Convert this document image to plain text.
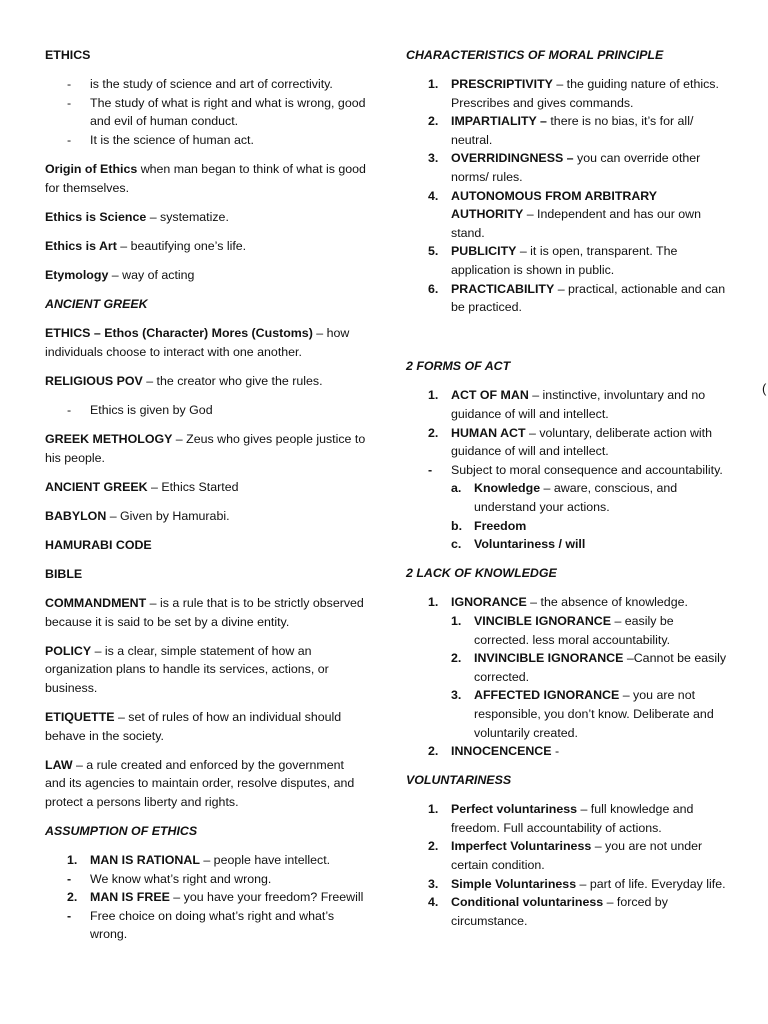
ETHICS
-	is the study of science and art of correctivity.
-	The study of what is right and what is wrong, good and evil of human conduct.
-	It is the science of human act.

Origin of Ethics when man began to think of what is good for themselves.

Ethics is Science – systematize.

Ethics is Art – beautifying one’s life.

Etymology – way of acting

ANCIENT GREEK

ETHICS – Ethos (Character) Mores (Customs) – how individuals choose to interact with one another.

RELIGIOUS POV – the creator who give the rules.

-	Ethics is given by God

GREEK METHOLOGY – Zeus who gives people justice to his people.

ANCIENT GREEK – Ethics Started

BABYLON – Given by Hamurabi.

HAMURABI CODE
BIBLE

COMMANDMENT – is a rule that is to be strictly observed because it is said to be set by a divine entity.

POLICY – is a clear, simple statement of how an organization plans to handle its services, actions, or business.

ETIQUETTE – set of rules of how an individual should behave in the society.

LAW – a rule created and enforced by the government and its agencies to maintain order, resolve disputes, and protect a persons liberty and rights.

ASSUMPTION OF ETHICS
1.	MAN IS RATIONAL – people have intellect.
-	We know what’s right and wrong.
2.	MAN IS FREE – you have your freedom? Freewill
-	Free choice on doing what’s right and what’s wrong.
CHARACTERISTICS OF MORAL PRINCIPLE
1.	PRESCRIPTIVITY – the guiding nature of ethics. Prescribes and gives commands.
2.	IMPARTIALITY – there is no bias, it’s for all/ neutral.
3.	OVERRIDINGNESS – you can override other norms/ rules.
4.	AUTONOMOUS FROM ARBITRARY AUTHORITY – Independent and has our own stand.
5.	PUBLICITY – it is open, transparent. The application is shown in public.
6.	PRACTICABILITY – practical, actionable and can be practiced.
2 FORMS OF ACT
1.	ACT OF MAN – instinctive, involuntary and no guidance of will and intellect.
2.	HUMAN ACT – voluntary, deliberate action with guidance of will and intellect.
-	Subject to moral consequence and accountability.
a. Knowledge – aware, conscious, and understand your actions.
b. Freedom
c. Voluntariness / will
2 LACK OF KNOWLEDGE
1.	IGNORANCE – the absence of knowledge.
1. VINCIBLE IGNORANCE – easily be corrected. less moral accountability.
2. INVINCIBLE IGNORANCE –Cannot be easily corrected.
3. AFFECTED IGNORANCE – you are not responsible, you don’t know. Deliberate and voluntarily created.
2.	INNOCENCENCE -
VOLUNTARINESS
1.	Perfect voluntariness – full knowledge and freedom. Full accountability of actions.
2.	Imperfect Voluntariness – you are not under certain condition.
3.	Simple Voluntariness – part of life. Everyday life.
4.	Conditional voluntariness – forced by circumstance.
(
